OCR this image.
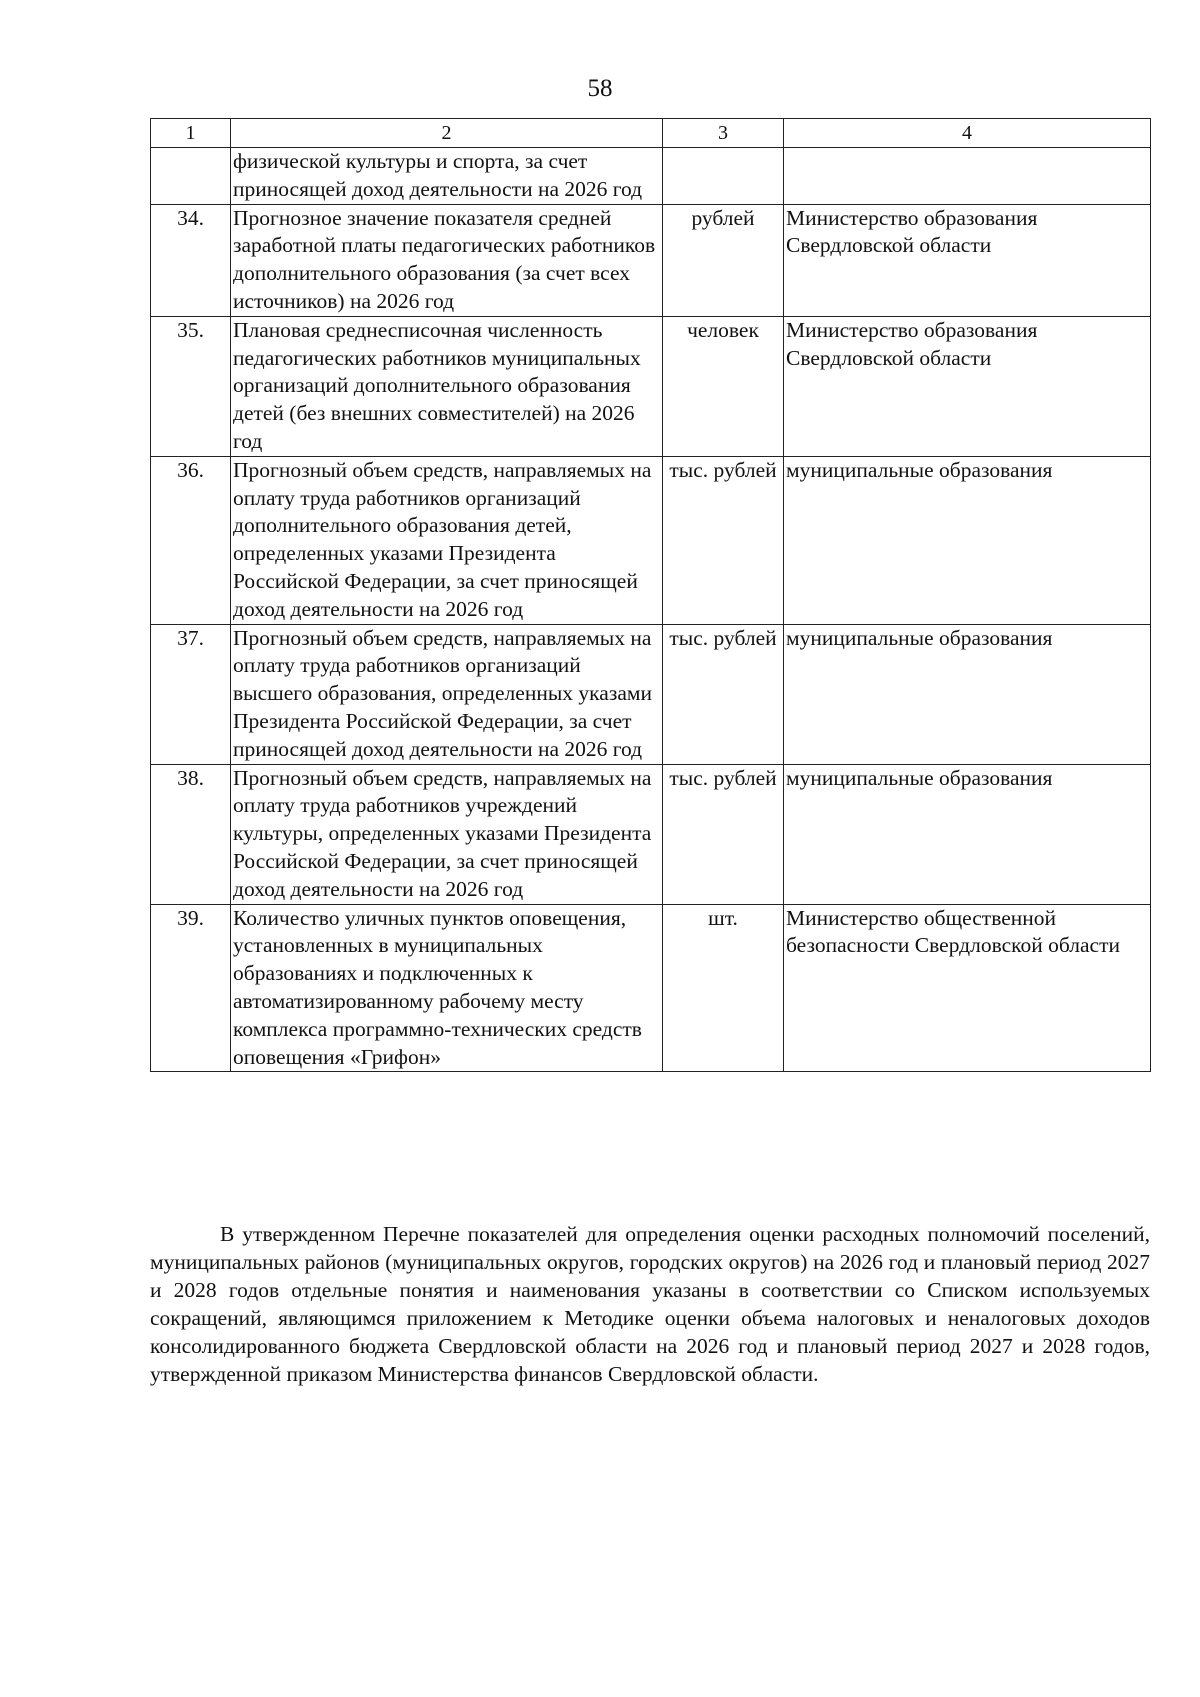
58
1	2	3	4
	физической культуры и спорта, за счет приносящей доход деятельности на 2026 год		
34.	Прогнозное значение показателя средней заработной платы педагогических работников дополнительного образования (за счет всех источников) на 2026 год	рублей	Министерство образования Свердловской области
35.	Плановая среднесписочная численность педагогических работников муниципальных организаций дополнительного образования детей (без внешних совместителей) на 2026 год	человек	Министерство образования Свердловской области
36.	Прогнозный объем средств, направляемых на оплату труда работников организаций дополнительного образования детей, определенных указами Президента Российской Федерации, за счет приносящей доход деятельности на 2026 год	тыс. рублей	муниципальные образования
37.	Прогнозный объем средств, направляемых на оплату труда работников организаций высшего образования, определенных указами Президента Российской Федерации, за счет приносящей доход деятельности на 2026 год	тыс. рублей	муниципальные образования
38.	Прогнозный объем средств, направляемых на оплату труда работников учреждений культуры, определенных указами Президента Российской Федерации, за счет приносящей доход деятельности на 2026 год	тыс. рублей	муниципальные образования
39.	Количество уличных пунктов оповещения, установленных в муниципальных образованиях и подключенных к автоматизированному рабочему месту комплекса программно-технических средств оповещения «Грифон»	шт.	Министерство общественной безопасности Свердловской области

В утвержденном Перечне показателей для определения оценки расходных полномочий поселений, муниципальных районов (муниципальных округов, городских округов) на 2026 год и плановый период 2027 и 2028 годов отдельные понятия и наименования указаны в соответствии со Списком используемых сокращений, являющимся приложением к Методике оценки объема налоговых и неналоговых доходов консолидированного бюджета Свердловской области на 2026 год и плановый период 2027 и 2028 годов, утвержденной приказом Министерства финансов Свердловской области.
